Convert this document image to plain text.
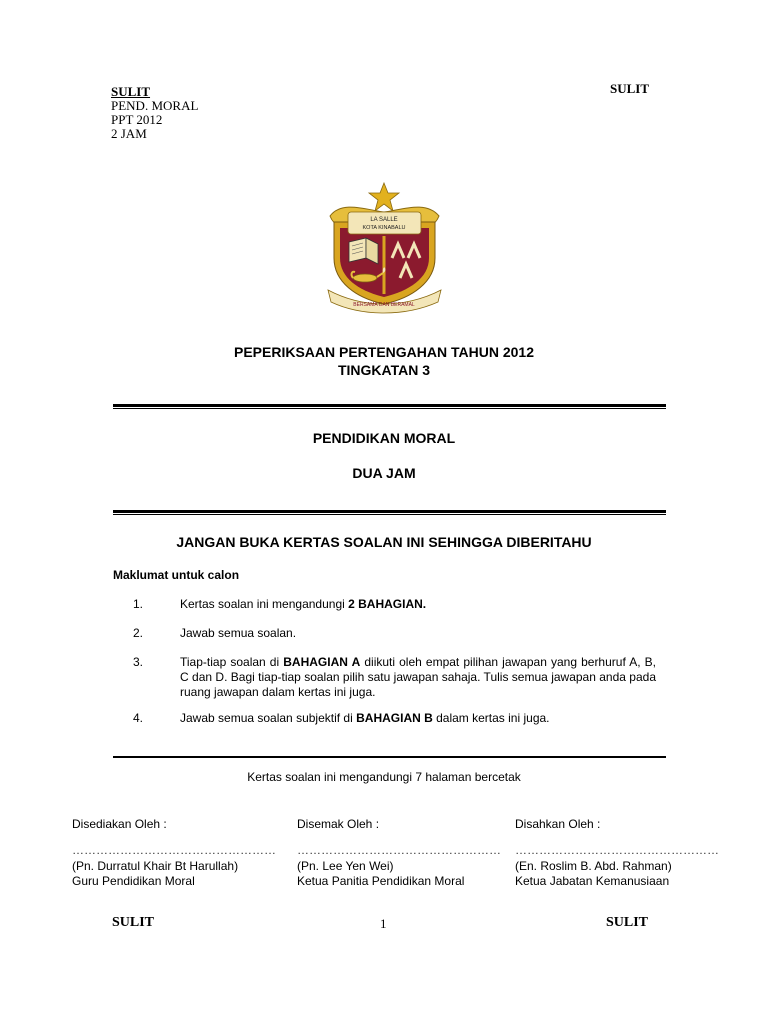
SULIT
PEND. MORAL
PPT 2012
2 JAM
SULIT
LA SALLE
KOTA KINABALU
BERSAMA DAN BERAMAL
PEPERIKSAAN PERTENGAHAN TAHUN 2012
TINGKATAN 3
PENDIDIKAN MORAL
DUA JAM
JANGAN BUKA KERTAS SOALAN INI SEHINGGA DIBERITAHU
Maklumat untuk calon
1.	Kertas soalan ini mengandungi 2 BAHAGIAN.
2.	Jawab semua soalan.
3.	Tiap-tiap soalan di BAHAGIAN A diikuti oleh empat pilihan jawapan yang berhuruf A, B, C dan D. Bagi tiap-tiap soalan pilih satu jawapan sahaja. Tulis semua jawapan anda pada ruang jawapan dalam kertas ini juga.
4.	Jawab semua soalan subjektif di BAHAGIAN B dalam kertas ini juga.
Kertas soalan ini mengandungi 7 halaman bercetak
Disediakan Oleh :
……………………………………………
(Pn. Durratul Khair Bt Harullah)
Guru Pendidikan Moral
Disemak Oleh :
……………………………………………
(Pn. Lee Yen Wei)
Ketua Panitia Pendidikan Moral
Disahkan Oleh :
……………………………………………
(En. Roslim B. Abd. Rahman)
Ketua Jabatan Kemanusiaan
SULIT	1	SULIT
